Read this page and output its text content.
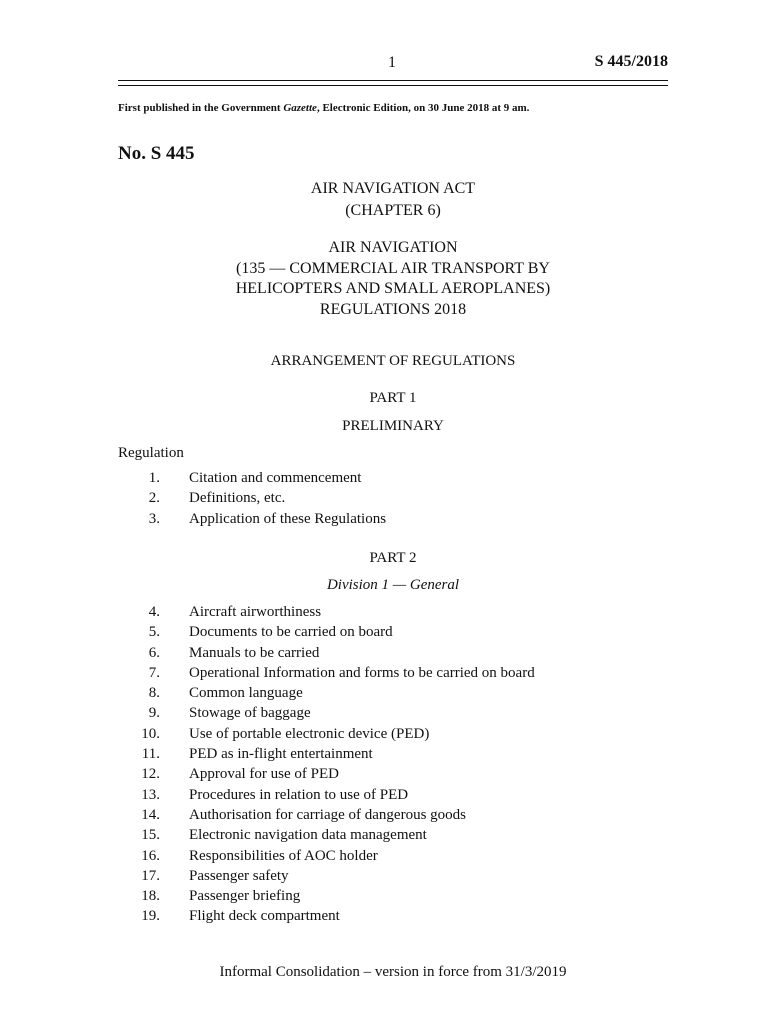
1	S 445/2018
First published in the Government Gazette, Electronic Edition, on 30 June 2018 at 9 am.
No. S 445
AIR NAVIGATION ACT
(CHAPTER 6)
AIR NAVIGATION
(135 — COMMERCIAL AIR TRANSPORT BY
HELICOPTERS AND SMALL AEROPLANES)
REGULATIONS 2018
ARRANGEMENT OF REGULATIONS
PART 1
PRELIMINARY
Regulation
1. Citation and commencement
2. Definitions, etc.
3. Application of these Regulations
PART 2
Division 1 — General
4. Aircraft airworthiness
5. Documents to be carried on board
6. Manuals to be carried
7. Operational Information and forms to be carried on board
8. Common language
9. Stowage of baggage
10. Use of portable electronic device (PED)
11. PED as in-flight entertainment
12. Approval for use of PED
13. Procedures in relation to use of PED
14. Authorisation for carriage of dangerous goods
15. Electronic navigation data management
16. Responsibilities of AOC holder
17. Passenger safety
18. Passenger briefing
19. Flight deck compartment
Informal Consolidation – version in force from 31/3/2019
